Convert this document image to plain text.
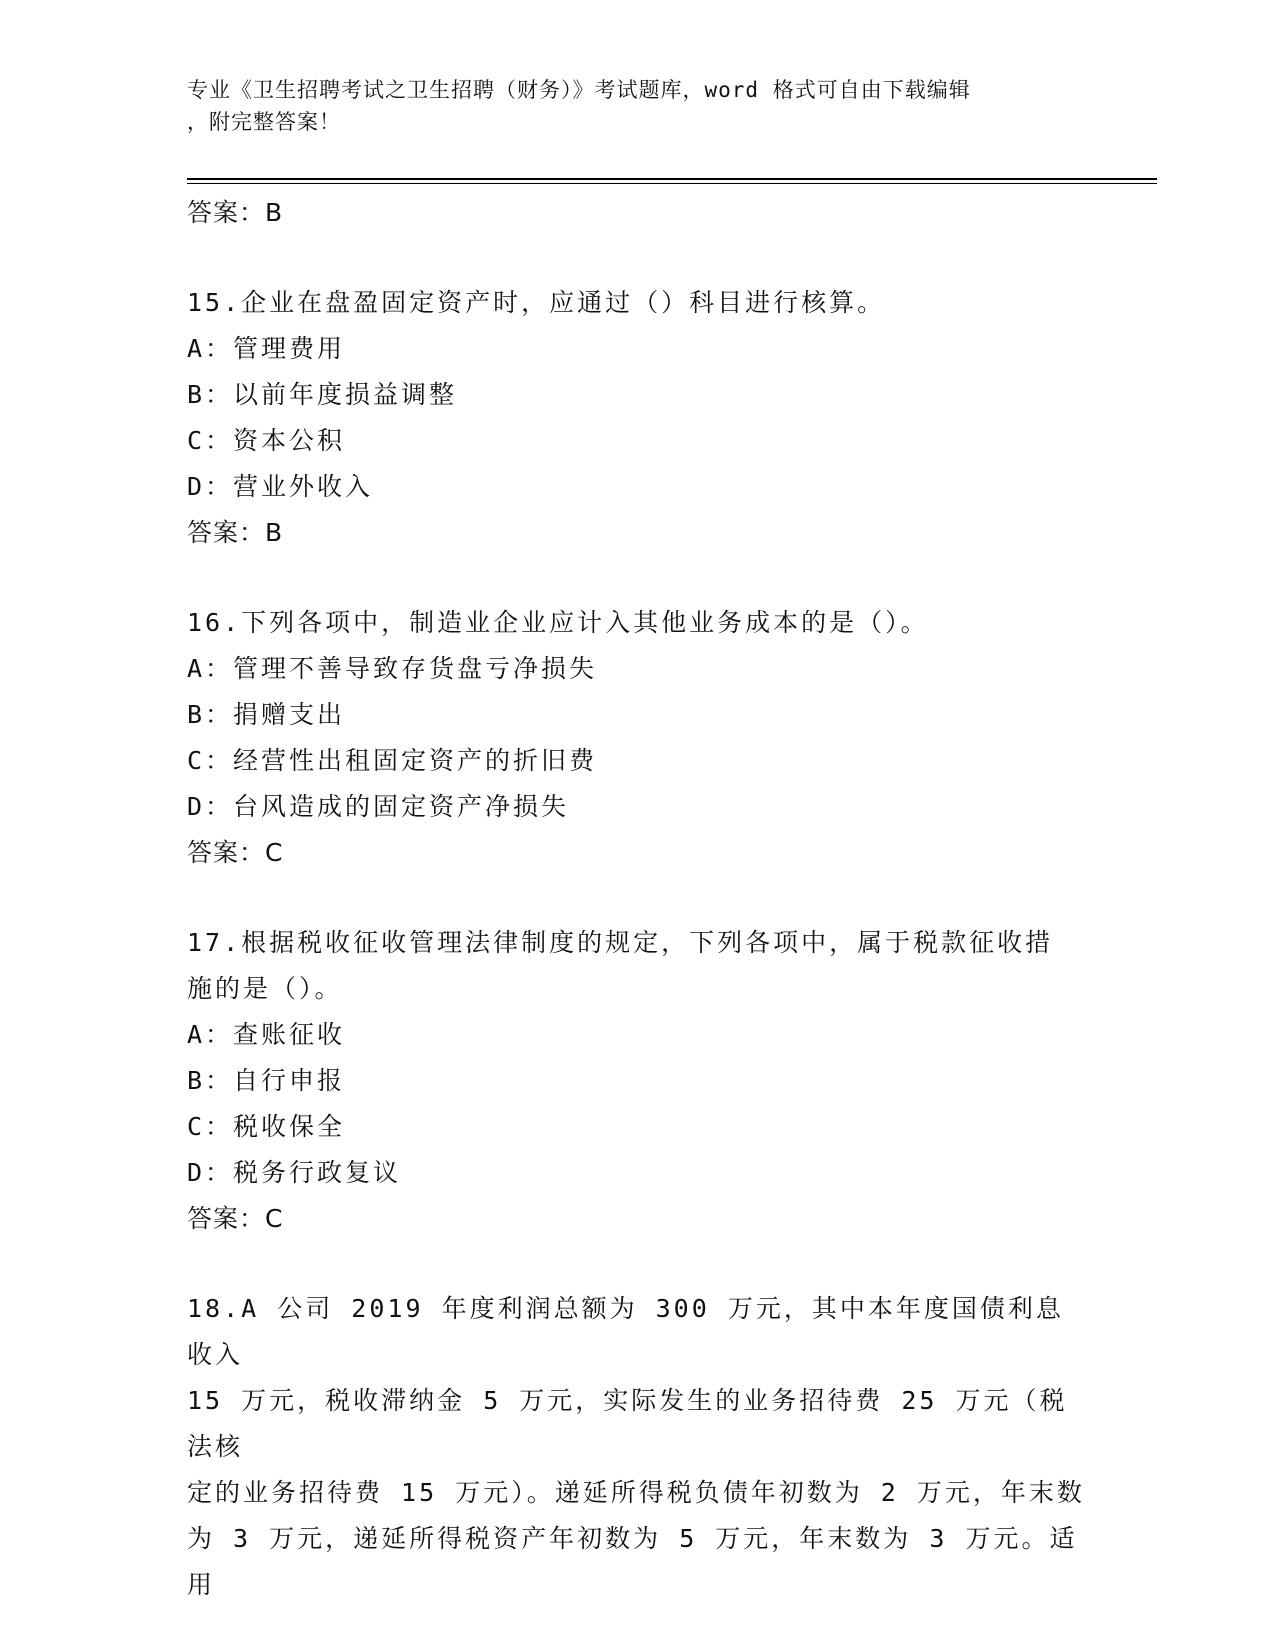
专业《卫生招聘考试之卫生招聘（财务）》考试题库，word 格式可自由下载编辑
，附完整答案！

答案：B

15.企业在盘盈固定资产时，应通过（）科目进行核算。

A：管理费用

B：以前年度损益调整

C：资本公积

D：营业外收入

答案：B

16.下列各项中，制造业企业应计入其他业务成本的是（）。

A：管理不善导致存货盘亏净损失

B：捐赠支出

C：经营性出租固定资产的折旧费

D：台风造成的固定资产净损失

答案：C

17.根据税收征收管理法律制度的规定，下列各项中，属于税款征收措

施的是（）。

A：查账征收

B：自行申报

C：税收保全

D：税务行政复议

答案：C

18.A 公司 2019 年度利润总额为 300 万元，其中本年度国债利息收入

15 万元，税收滞纳金 5 万元，实际发生的业务招待费 25 万元（税法核

定的业务招待费 15 万元）。递延所得税负债年初数为 2 万元，年末数

为 3 万元，递延所得税资产年初数为 5 万元，年末数为 3 万元。适用
